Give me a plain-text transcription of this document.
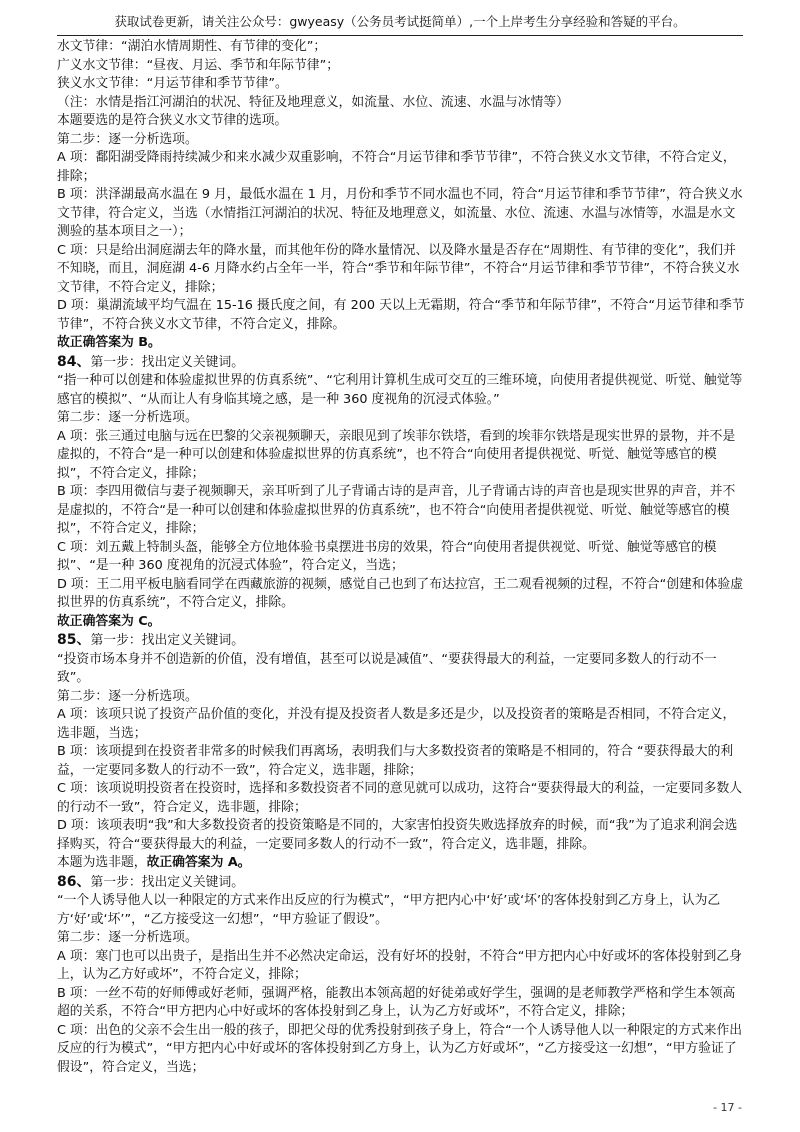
获取试卷更新，请关注公众号：gwyeasy（公务员考试挺简单）,一个上岸考生分享经验和答疑的平台。

水文节律：“湖泊水情周期性、有节律的变化”；

广义水文节律：“昼夜、月运、季节和年际节律”；

狭义水文节律：“月运节律和季节节律”。

（注：水情是指江河湖泊的状况、特征及地理意义，如流量、水位、流速、水温与冰情等）

本题要选的是符合狭义水文节律的选项。

第二步：逐一分析选项。

A 项：鄱阳湖受降雨持续减少和来水减少双重影响，不符合“月运节律和季节节律”，不符合狭义水文节律，不符合定义，排除；

B 项：洪泽湖最高水温在 9 月，最低水温在 1 月，月份和季节不同水温也不同，符合“月运节律和季节节律”，符合狭义水文节律，符合定义，当选（水情指江河湖泊的状况、特征及地理意义，如流量、水位、流速、水温与冰情等，水温是水文测验的基本项目之一）；

C 项：只是给出洞庭湖去年的降水量，而其他年份的降水量情况、以及降水量是否存在“周期性、有节律的变化”，我们并不知晓，而且，洞庭湖 4-6 月降水约占全年一半，符合“季节和年际节律”，不符合“月运节律和季节节律”，不符合狭义水文节律，不符合定义，排除；

D 项：巢湖流域平均气温在 15-16 摄氏度之间，有 200 天以上无霜期，符合“季节和年际节律”，不符合“月运节律和季节节律”，不符合狭义水文节律，不符合定义，排除。

故正确答案为 B。

84、第一步：找出定义关键词。

“指一种可以创建和体验虚拟世界的仿真系统”、“它利用计算机生成可交互的三维环境，向使用者提供视觉、听觉、触觉等感官的模拟”、“从而让人有身临其境之感，是一种 360 度视角的沉浸式体验。”

第二步：逐一分析选项。

A 项：张三通过电脑与远在巴黎的父亲视频聊天，亲眼见到了埃菲尔铁塔，看到的埃菲尔铁塔是现实世界的景物，并不是虚拟的，不符合“是一种可以创建和体验虚拟世界的仿真系统”，也不符合“向使用者提供视觉、听觉、触觉等感官的模拟”，不符合定义，排除；

B 项：李四用微信与妻子视频聊天，亲耳听到了儿子背诵古诗的是声音，儿子背诵古诗的声音也是现实世界的声音，并不是虚拟的，不符合“是一种可以创建和体验虚拟世界的仿真系统”，也不符合“向使用者提供视觉、听觉、触觉等感官的模拟”，不符合定义，排除；

C 项：刘五戴上特制头盔，能够全方位地体验书桌摆进书房的效果，符合“向使用者提供视觉、听觉、触觉等感官的模拟”、“是一种 360 度视角的沉浸式体验”，符合定义，当选；

D 项：王二用平板电脑看同学在西藏旅游的视频，感觉自己也到了布达拉宫，王二观看视频的过程，不符合“创建和体验虚拟世界的仿真系统”，不符合定义，排除。

故正确答案为 C。

85、第一步：找出定义关键词。

“投资市场本身并不创造新的价值，没有增值，甚至可以说是减值”、“要获得最大的利益，一定要同多数人的行动不一致”。

第二步：逐一分析选项。

A 项：该项只说了投资产品价值的变化，并没有提及投资者人数是多还是少，以及投资者的策略是否相同，不符合定义，选非题，当选；

B 项：该项提到在投资者非常多的时候我们再离场，表明我们与大多数投资者的策略是不相同的，符合 “要获得最大的利益，一定要同多数人的行动不一致”，符合定义，选非题，排除；

C 项：该项说明投资者在投资时，选择和多数投资者不同的意见就可以成功，这符合“要获得最大的利益，一定要同多数人的行动不一致”，符合定义，选非题，排除；

D 项：该项表明“我”和大多数投资者的投资策略是不同的，大家害怕投资失败选择放弃的时候，而“我”为了追求利润会选择购买，符合“要获得最大的利益，一定要同多数人的行动不一致”，符合定义，选非题，排除。

本题为选非题，故正确答案为 A。

86、第一步：找出定义关键词。

“一个人诱导他人以一种限定的方式来作出反应的行为模式”，“甲方把内心中‘好’或‘坏’的客体投射到乙方身上，认为乙方‘好’或‘坏’”，“乙方接受这一幻想”，“甲方验证了假设”。

第二步：逐一分析选项。

A 项：寒门也可以出贵子，是指出生并不必然决定命运，没有好坏的投射，不符合“甲方把内心中好或坏的客体投射到乙身上，认为乙方好或坏”，不符合定义，排除；

B 项：一丝不苟的好师傅或好老师，强调严格，能教出本领高超的好徒弟或好学生，强调的是老师教学严格和学生本领高超的关系，不符合“甲方把内心中好或坏的客体投射到乙身上，认为乙方好或坏”，不符合定义，排除；

C 项：出色的父亲不会生出一般的孩子，即把父母的优秀投射到孩子身上，符合“一个人诱导他人以一种限定的方式来作出反应的行为模式”，“甲方把内心中好或坏的客体投射到乙方身上，认为乙方好或坏”，“乙方接受这一幻想”，“甲方验证了假设”，符合定义，当选；

- 17 -
